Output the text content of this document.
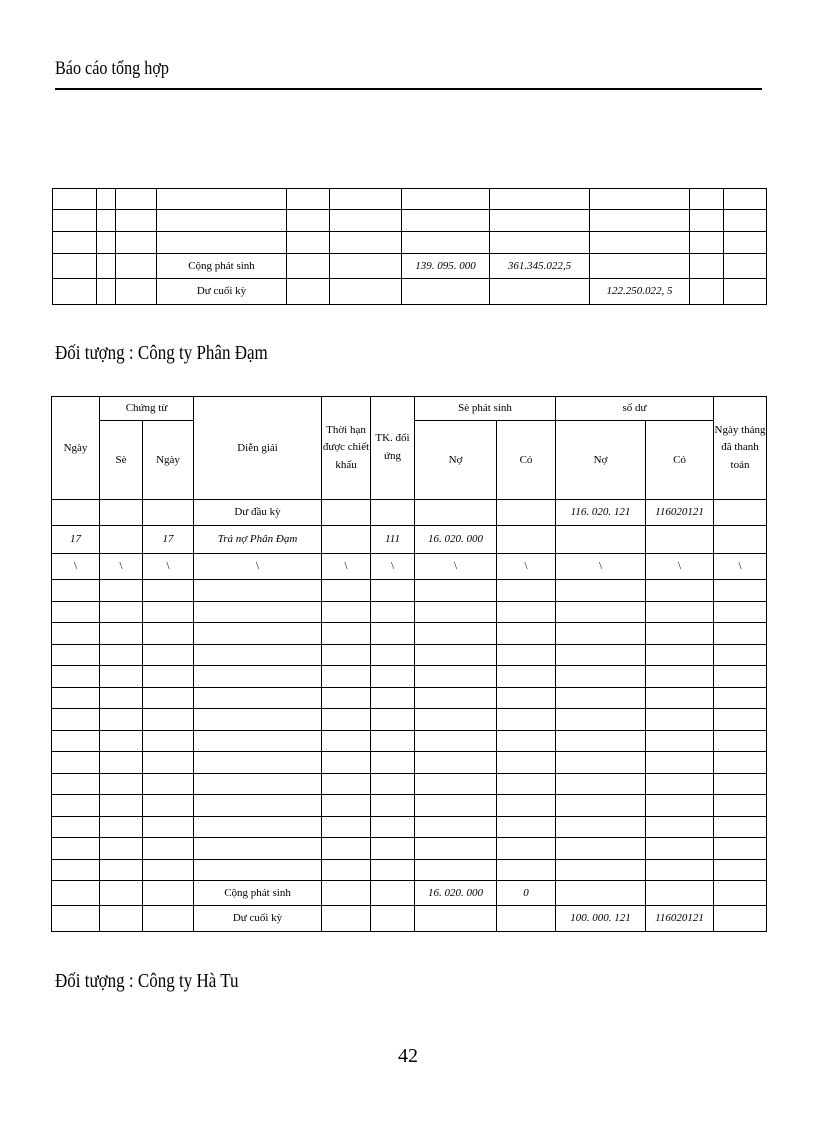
Báo cáo tổng hợp

			Cộng phát sinh			139. 095. 000	361.345.022,5			
			Dư cuối kỳ					122.250.022, 5		
Đối tượng : Công ty Phân Đạm
Ngày	Chứng từ		Diễn giải	Thời hạn được chiết khấu	TK. đối ứng	Sè phát sinh		số dư		Ngày tháng đã thanh toán
	Sè	Ngày				Nợ	Có	Nợ	Có	
			Dư đầu kỳ					116. 020. 121	116020121	
17		17	Trả nợ Phân Đạm		111	16. 020. 000				
\	\	\	\	\	\	\	\	\	\	\

			Cộng phát sinh			16. 020. 000	0			
			Dư cuối kỳ					100. 000. 121	116020121	
Đối tượng : Công ty Hà Tu
42
